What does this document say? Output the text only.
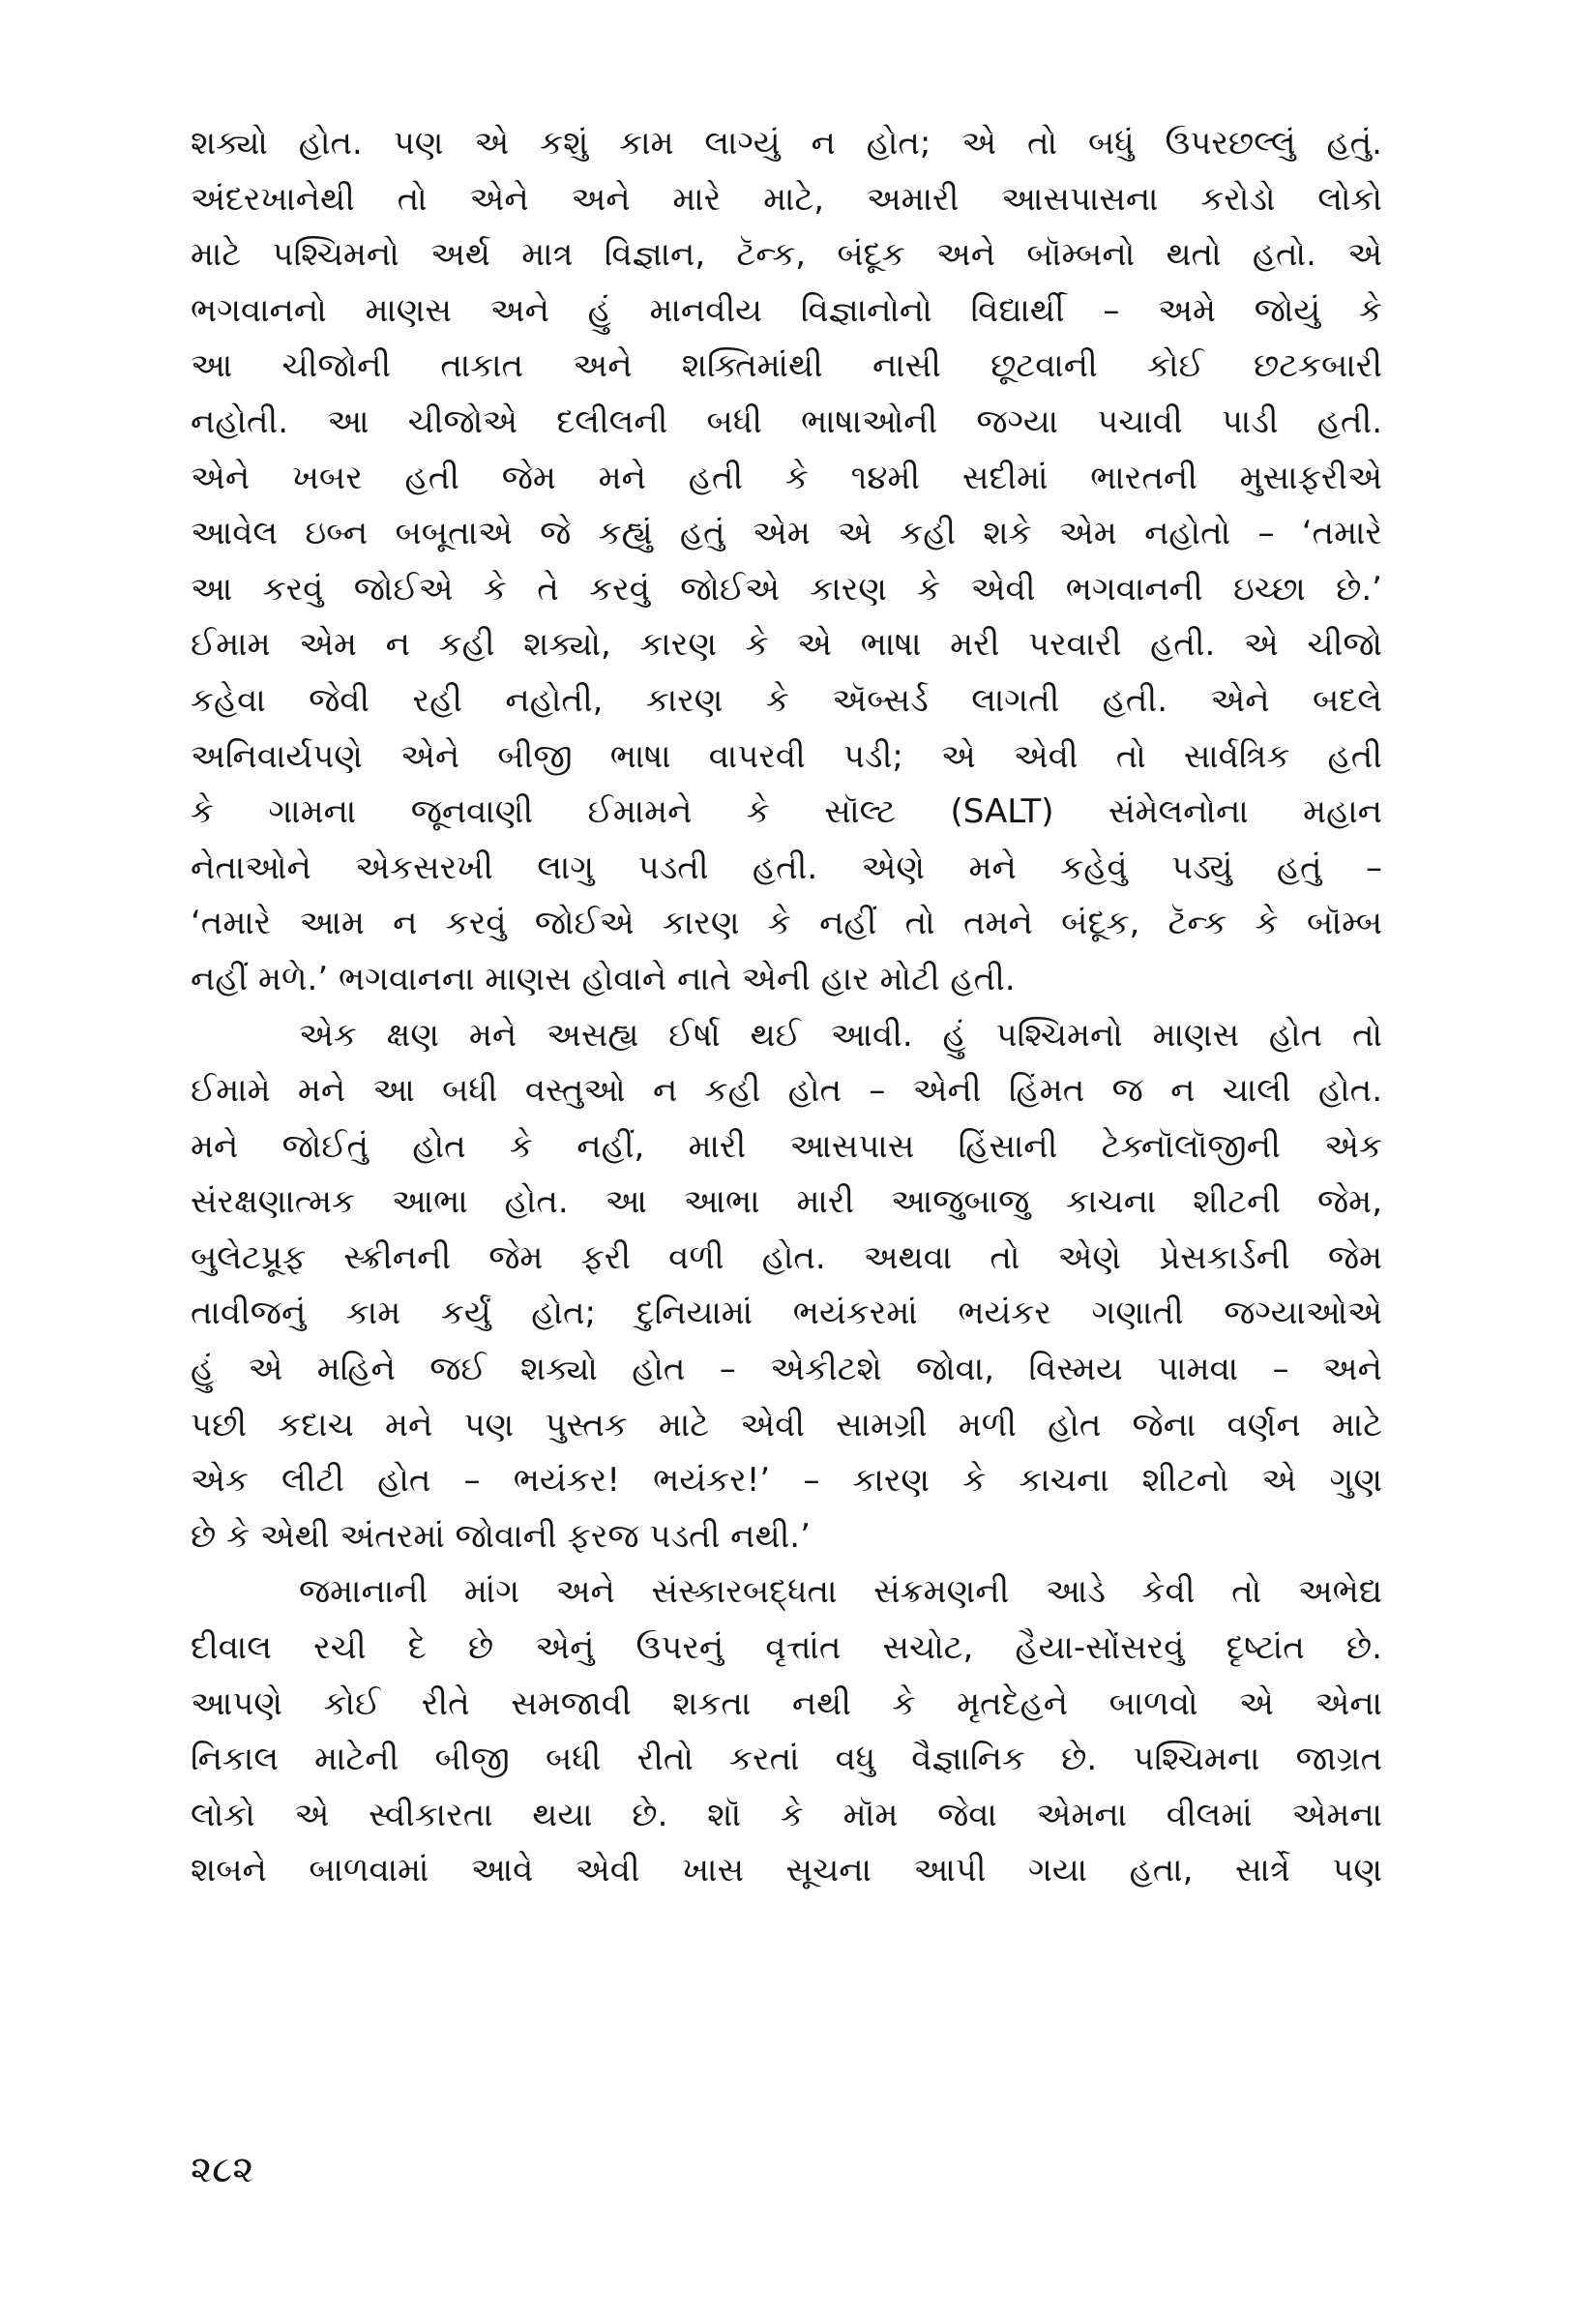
શક્યો હોત. પણ એ કશું કામ લાગ્યું ન હોત; એ તો બધું ઉપરછલ્લું હતું.
અંદરખાનેથી તો એને અને મારે માટે, અમારી આસપાસના કરોડો લોકો
માટે પશ્ચિમનો અર્થ માત્ર વિજ્ઞાન, ટૅન્ક, બંદૂક અને બૉમ્બનો થતો હતો. એ
ભગવાનનો માણસ અને હું માનવીય વિજ્ઞાનોનો વિદ્યાર્થી – અમે જોયું કે
આ ચીજોની તાકાત અને શક્તિમાંથી નાસી છૂટવાની કોઈ છટકબારી
નહોતી. આ ચીજોએ દલીલની બધી ભાષાઓની જગ્યા પચાવી પાડી હતી.
એને ખબર હતી જેમ મને હતી કે ૧૪મી સદીમાં ભારતની મુસાફરીએ
આવેલ ઇબ્ન બબૂતાએ જે કહ્યું હતું એમ એ કહી શકે એમ નહોતો – ‘તમારે
આ કરવું જોઈએ કે તે કરવું જોઈએ કારણ કે એવી ભગવાનની ઇચ્છા છે.’
ઈમામ એમ ન કહી શક્યો, કારણ કે એ ભાષા મરી પરવારી હતી. એ ચીજો
કહેવા જેવી રહી નહોતી, કારણ કે ઍબ્સર્ડ લાગતી હતી. એને બદલે
અનિવાર્યપણે એને બીજી ભાષા વાપરવી પડી; એ એવી તો સાર્વત્રિક હતી
કે ગામના જૂનવાણી ઈમામને કે સૉલ્ટ (SALT) સંમેલનોના મહાન
નેતાઓને એકસરખી લાગુ પડતી હતી. એણે મને કહેવું પડ્યું હતું –
‘તમારે આમ ન કરવું જોઈએ કારણ કે નહીં તો તમને બંદૂક, ટૅન્ક કે બૉમ્બ
નહીં મળે.’ ભગવાનના માણસ હોવાને નાતે એની હાર મોટી હતી.
એક ક્ષણ મને અસહ્ય ઈર્ષા થઈ આવી. હું પશ્ચિમનો માણસ હોત તો
ઈમામે મને આ બધી વસ્તુઓ ન કહી હોત – એની હિંમત જ ન ચાલી હોત.
મને જોઈતું હોત કે નહીં, મારી આસપાસ હિંસાની ટેક્નૉલૉજીની એક
સંરક્ષણાત્મક આભા હોત. આ આભા મારી આજુબાજુ કાચના શીટની જેમ,
બુલેટપ્રૂફ સ્ક્રીનની જેમ ફરી વળી હોત. અથવા તો એણે પ્રેસકાર્ડની જેમ
તાવીજનું કામ કર્યું હોત; દુનિયામાં ભયંકરમાં ભયંકર ગણાતી જગ્યાઓએ
હું એ મહિને જઈ શક્યો હોત – એકીટશે જોવા, વિસ્મય પામવા – અને
પછી કદાચ મને પણ પુસ્તક માટે એવી સામગ્રી મળી હોત જેના વર્ણન માટે
એક લીટી હોત – ભયંકર! ભયંકર!’ – કારણ કે કાચના શીટનો એ ગુણ
છે કે એથી અંતરમાં જોવાની ફરજ પડતી નથી.’
જમાનાની માંગ અને સંસ્કારબદ્ધતા સંક્રમણની આડે કેવી તો અભેદ્ય
દીવાલ રચી દે છે એનું ઉપરનું વૃત્તાંત સચોટ, હૈયા-સોંસરવું દૃષ્ટાંત છે.
આપણે કોઈ રીતે સમજાવી શકતા નથી કે મૃતદેહને બાળવો એ એના
નિકાલ માટેની બીજી બધી રીતો કરતાં વધુ વૈજ્ઞાનિક છે. પશ્ચિમના જાગ્રત
લોકો એ સ્વીકારતા થયા છે. શૉ કે મૉમ જેવા એમના વીલમાં એમના
શબને બાળવામાં આવે એવી ખાસ સૂચના આપી ગયા હતા, સાર્ત્રે પણ
૨૮૨
